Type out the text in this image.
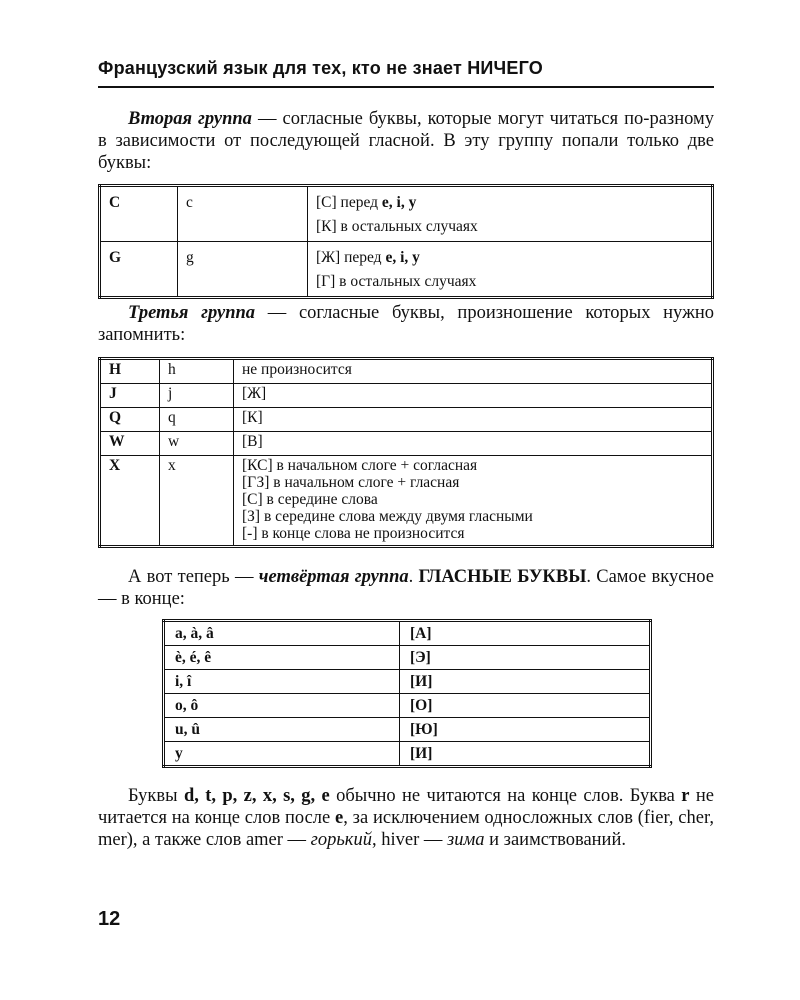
Французский язык для тех, кто не знает НИЧЕГО

Вторая группа — согласные буквы, которые могут читаться по-разному в зависимости от последующей гласной. В эту группу попали только две буквы:

C	c	[С] перед e, i, y
[К] в остальных случаях

G	g	[Ж] перед e, i, y
[Г] в остальных случаях

Третья группа — согласные буквы, произношение которых нужно запомнить:

H	h	не произносится
J	j	[Ж]
Q	q	[К]
W	w	[В]
X	x	[КС] в начальном слоге + согласная
[ГЗ] в начальном слоге + гласная
[С] в середине слова
[З] в середине слова между двумя гласными
[-] в конце слова не произносится

А вот теперь — четвёртая группа. ГЛАСНЫЕ БУКВЫ. Самое вкусное — в конце:

a, à, â	[А]
è, é, ê	[Э]
i, î	[И]
o, ô	[О]
u, û	[Ю]
y	[И]

Буквы d, t, p, z, x, s, g, e обычно не читаются на конце слов. Буква r не читается на конце слов после e, за исключением односложных слов (fier, cher, mer), а также слов amer — горький, hiver — зима и заимствований.

12
